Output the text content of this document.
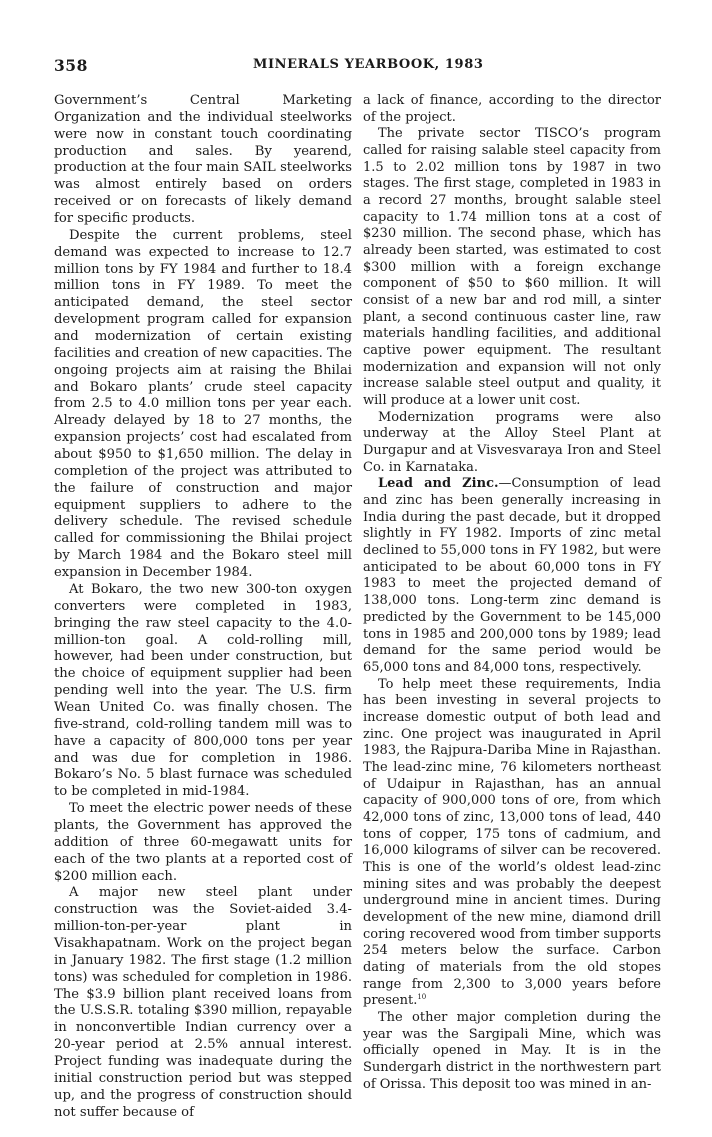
358	MINERALS YEARBOOK, 1983

Government’s Central Marketing Organization and the individual steelworks were now in constant touch coordinating production and sales. By yearend, production at the four main SAIL steelworks was almost entirely based on orders received or on forecasts of likely demand for specific products.

Despite the current problems, steel demand was expected to increase to 12.7 million tons by FY 1984 and further to 18.4 million tons in FY 1989. To meet the anticipated demand, the steel sector development program called for expansion and modernization of certain existing facilities and creation of new capacities. The ongoing projects aim at raising the Bhilai and Bokaro plants’ crude steel capacity from 2.5 to 4.0 million tons per year each. Already delayed by 18 to 27 months, the expansion projects’ cost had escalated from about $950 to $1,650 million. The delay in completion of the project was attributed to the failure of construction and major equipment suppliers to adhere to the delivery schedule. The revised schedule called for commissioning the Bhilai project by March 1984 and the Bokaro steel mill expansion in December 1984.

At Bokaro, the two new 300-ton oxygen converters were completed in 1983, bringing the raw steel capacity to the 4.0-million-ton goal. A cold-rolling mill, however, had been under construction, but the choice of equipment supplier had been pending well into the year. The U.S. firm Wean United Co. was finally chosen. The five-strand, cold-rolling tandem mill was to have a capacity of 800,000 tons per year and was due for completion in 1986. Bokaro’s No. 5 blast furnace was scheduled to be completed in mid-1984.

To meet the electric power needs of these plants, the Government has approved the addition of three 60-megawatt units for each of the two plants at a reported cost of $200 million each.

A major new steel plant under construction was the Soviet-aided 3.4-million-ton-per-year plant in Visakhapatnam. Work on the project began in January 1982. The first stage (1.2 million tons) was scheduled for completion in 1986. The $3.9 billion plant received loans from the U.S.S.R. totaling $390 million, repayable in nonconvertible Indian currency over a 20-year period at 2.5% annual interest. Project funding was inadequate during the initial construction period but was stepped up, and the progress of construction should not suffer because of

a lack of finance, according to the director of the project.

The private sector TISCO’s program called for raising salable steel capacity from 1.5 to 2.02 million tons by 1987 in two stages. The first stage, completed in 1983 in a record 27 months, brought salable steel capacity to 1.74 million tons at a cost of $230 million. The second phase, which has already been started, was estimated to cost $300 million with a foreign exchange component of $50 to $60 million. It will consist of a new bar and rod mill, a sinter plant, a second continuous caster line, raw materials handling facilities, and additional captive power equipment. The resultant modernization and expansion will not only increase salable steel output and quality, it will produce at a lower unit cost.

Modernization programs were also underway at the Alloy Steel Plant at Durgapur and at Visvesvaraya Iron and Steel Co. in Karnataka.

Lead and Zinc.—Consumption of lead and zinc has been generally increasing in India during the past decade, but it dropped slightly in FY 1982. Imports of zinc metal declined to 55,000 tons in FY 1982, but were anticipated to be about 60,000 tons in FY 1983 to meet the projected demand of 138,000 tons. Long-term zinc demand is predicted by the Government to be 145,000 tons in 1985 and 200,000 tons by 1989; lead demand for the same period would be 65,000 tons and 84,000 tons, respectively.

To help meet these requirements, India has been investing in several projects to increase domestic output of both lead and zinc. One project was inaugurated in April 1983, the Rajpura-Dariba Mine in Rajasthan. The lead-zinc mine, 76 kilometers northeast of Udaipur in Rajasthan, has an annual capacity of 900,000 tons of ore, from which 42,000 tons of zinc, 13,000 tons of lead, 440 tons of copper, 175 tons of cadmium, and 16,000 kilograms of silver can be recovered. This is one of the world’s oldest lead-zinc mining sites and was probably the deepest underground mine in ancient times. During development of the new mine, diamond drill coring recovered wood from timber supports 254 meters below the surface. Carbon dating of materials from the old stopes range from 2,300 to 3,000 years before present.$^{10}$

The other major completion during the year was the Sargipali Mine, which was officially opened in May. It is in the Sundergarh district in the northwestern part of Orissa. This deposit too was mined in an-
